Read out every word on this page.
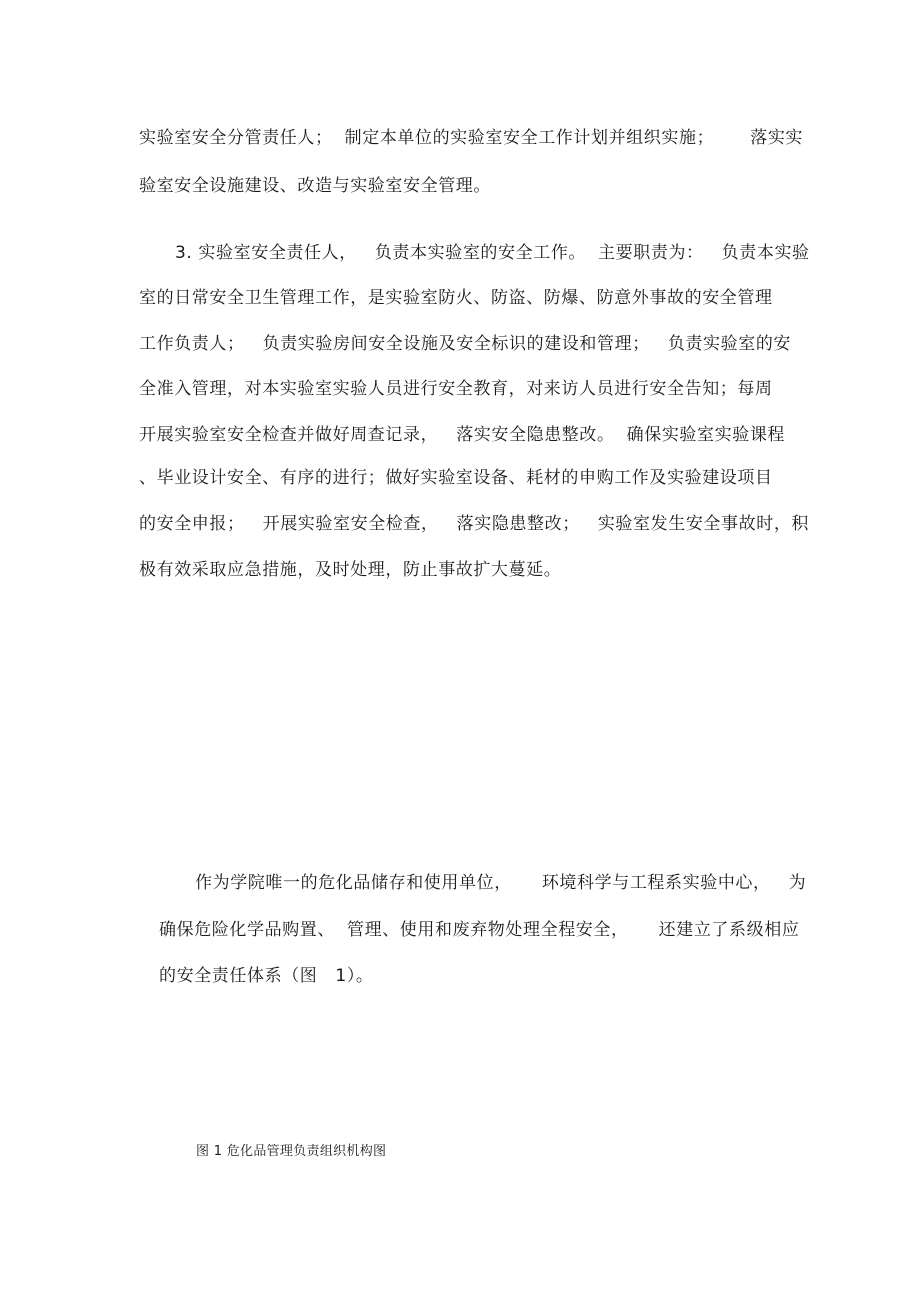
实验室安全分管责任人；  制定本单位的实验室安全工作计划并组织实施；      落实实
验室安全设施建设、改造与实验室安全管理。
3. 实验室安全责任人，   负责本实验室的安全工作。  主要职责为：   负责本实验
室的日常安全卫生管理工作，是实验室防火、防盗、防爆、防意外事故的安全管理
工作负责人；   负责实验房间安全设施及安全标识的建设和管理；   负责实验室的安
全准入管理，对本实验室实验人员进行安全教育，对来访人员进行安全告知；每周
开展实验室安全检查并做好周查记录，   落实安全隐患整改。  确保实验室实验课程
、毕业设计安全、有序的进行；做好实验室设备、耗材的申购工作及实验建设项目
的安全申报；   开展实验室安全检查，   落实隐患整改；   实验室发生安全事故时，积
极有效采取应急措施，及时处理，防止事故扩大蔓延。
作为学院唯一的危化品储存和使用单位，     环境科学与工程系实验中心，   为
确保危险化学品购置、  管理、使用和废弃物处理全程安全，     还建立了系级相应
的安全责任体系（图   1）。
图 1 危化品管理负责组织机构图
